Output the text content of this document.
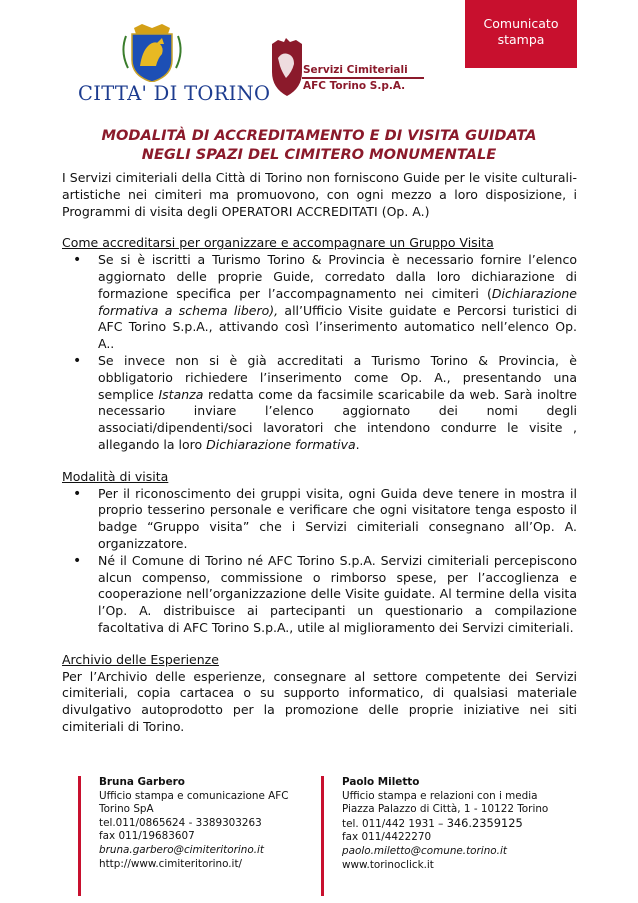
Comunicato
stampa
CITTA' DI TORINO
Servizi Cimiteriali
AFC Torino S.p.A.
MODALITÀ DI ACCREDITAMENTO E DI VISITA GUIDATA
NEGLI SPAZI DEL CIMITERO MONUMENTALE

I Servizi cimiteriali della Città di Torino non forniscono Guide per le visite culturali-artistiche nei cimiteri ma promuovono, con ogni mezzo a loro disposizione, i Programmi di visita degli OPERATORI ACCREDITATI (Op. A.)

Come accreditarsi per organizzare e accompagnare un Gruppo Visita

• Se si è iscritti a Turismo Torino & Provincia è necessario fornire l’elenco aggiornato delle proprie Guide, corredato dalla loro dichiarazione di formazione specifica per l’accompagnamento nei cimiteri (Dichiarazione formativa a schema libero), all’Ufficio Visite guidate e Percorsi turistici di AFC Torino S.p.A., attivando così l’inserimento automatico nell’elenco Op. A..
• Se invece non si è già accreditati a Turismo Torino & Provincia, è obbligatorio richiedere l’inserimento come Op. A., presentando una semplice Istanza redatta come da facsimile scaricabile da web. Sarà inoltre necessario inviare l’elenco aggiornato dei nomi degli associati/dipendenti/soci lavoratori che intendono condurre le visite , allegando la loro Dichiarazione formativa.

Modalità di visita

• Per il riconoscimento dei gruppi visita, ogni Guida deve tenere in mostra il proprio tesserino personale e verificare che ogni visitatore tenga esposto il badge “Gruppo visita” che i Servizi cimiteriali consegnano all’Op. A. organizzatore.
• Né il Comune di Torino né AFC Torino S.p.A. Servizi cimiteriali percepiscono alcun compenso, commissione o rimborso spese, per l’accoglienza e cooperazione nell’organizzazione delle Visite guidate. Al termine della visita l’Op. A. distribuisce ai partecipanti un questionario a compilazione facoltativa di AFC Torino S.p.A., utile al miglioramento dei Servizi cimiteriali.

Archivio delle Esperienze

Per l’Archivio delle esperienze, consegnare al settore competente dei Servizi cimiteriali, copia cartacea o su supporto informatico, di qualsiasi materiale divulgativo autoprodotto per la promozione delle proprie iniziative nei siti cimiteriali di Torino.

Bruna Garbero
Ufficio stampa e comunicazione AFC
Torino SpA
tel.011/0865624 - 3389303263
fax 011/19683607
bruna.garbero@cimiteritorino.it
http://www.cimiteritorino.it/
Paolo Miletto
Ufficio stampa e relazioni con i media
Piazza Palazzo di Città, 1 - 10122 Torino
tel. 011/442 1931 – 346.2359125
fax 011/4422270
paolo.miletto@comune.torino.it
www.torinoclick.it
